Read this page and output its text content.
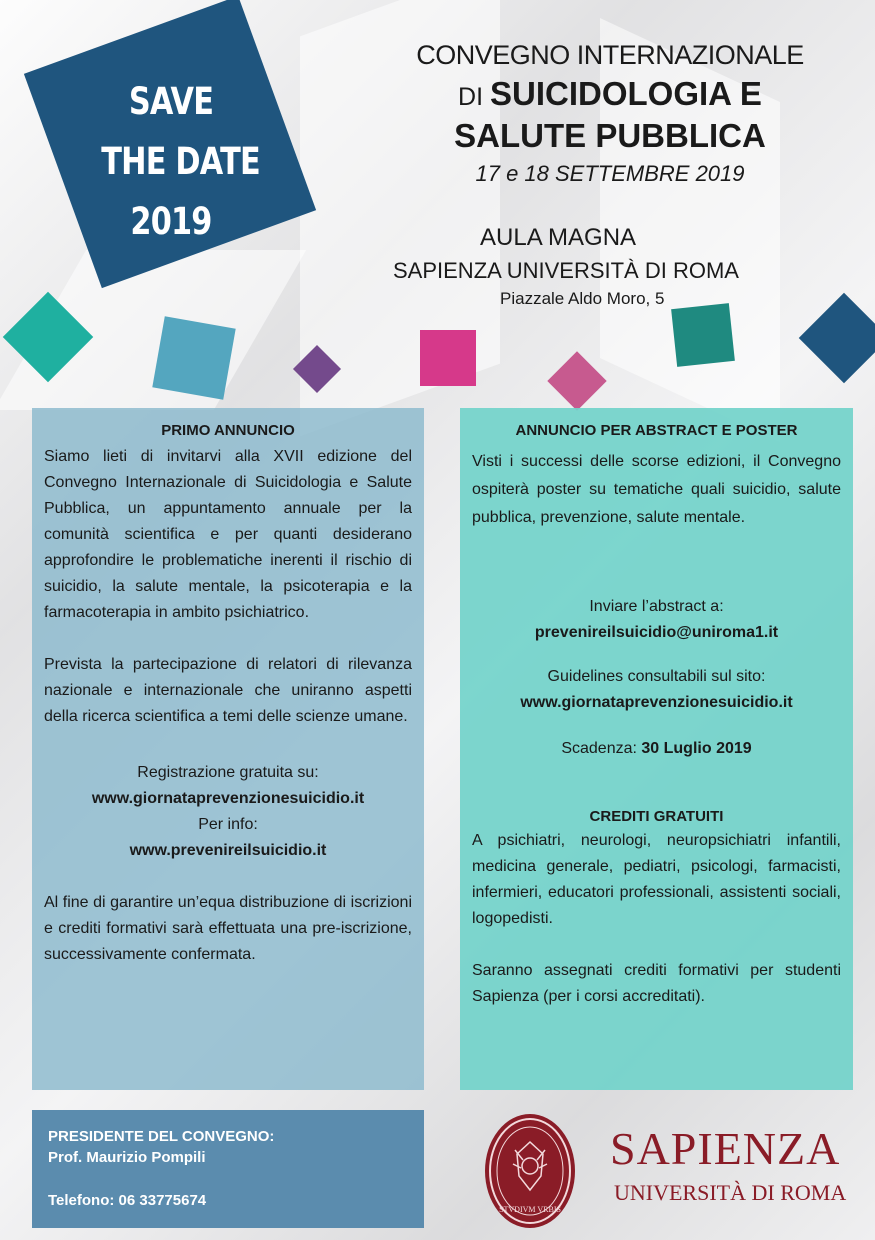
SAVE
THE DATE
2019
CONVEGNO INTERNAZIONALE
DI SUICIDOLOGIA E
SALUTE PUBBLICA
17 e 18 SETTEMBRE 2019
AULA MAGNA
SAPIENZA UNIVERSITÀ DI ROMA
Piazzale Aldo Moro, 5
PRIMO ANNUNCIO
Siamo lieti di invitarvi alla XVII edizione del Convegno Internazionale di Suicidologia e Salute Pubblica, un appuntamento annuale per la comunità scientifica e per quanti desiderano approfondire le problematiche inerenti il rischio di suicidio, la salute mentale, la psicoterapia e la farmacoterapia in ambito psichiatrico.
Prevista la partecipazione di relatori di rilevanza nazionale e internazionale che uniranno aspetti della ricerca scientifica a temi delle scienze umane.
Registrazione gratuita su:
www.giornataprevenzionesuicidio.it
Per info:
www.prevenireilsuicidio.it
Al fine di garantire un’equa distribuzione di iscrizioni e crediti formativi sarà effettuata una pre-iscrizione, successivamente confermata.
ANNUNCIO PER ABSTRACT E POSTER
Visti i successi delle scorse edizioni, il Convegno ospiterà poster su tematiche quali suicidio, salute pubblica, prevenzione, salute mentale.
Inviare l’abstract a:
prevenireilsuicidio@uniroma1.it
Guidelines consultabili sul sito:
www.giornataprevenzionesuicidio.it
Scadenza: 30 Luglio 2019
CREDITI GRATUITI
A psichiatri, neurologi, neuropsichiatri infantili, medicina generale, pediatri, psicologi, farmacisti, infermieri, educatori professionali, assistenti sociali, logopedisti.
Saranno assegnati crediti formativi per studenti Sapienza (per i corsi accreditati).
PRESIDENTE DEL CONVEGNO:
Prof. Maurizio Pompili
Telefono: 06 33775674
STVDIVM VRBIS
SAPIENZA
UNIVERSITÀ DI ROMA
